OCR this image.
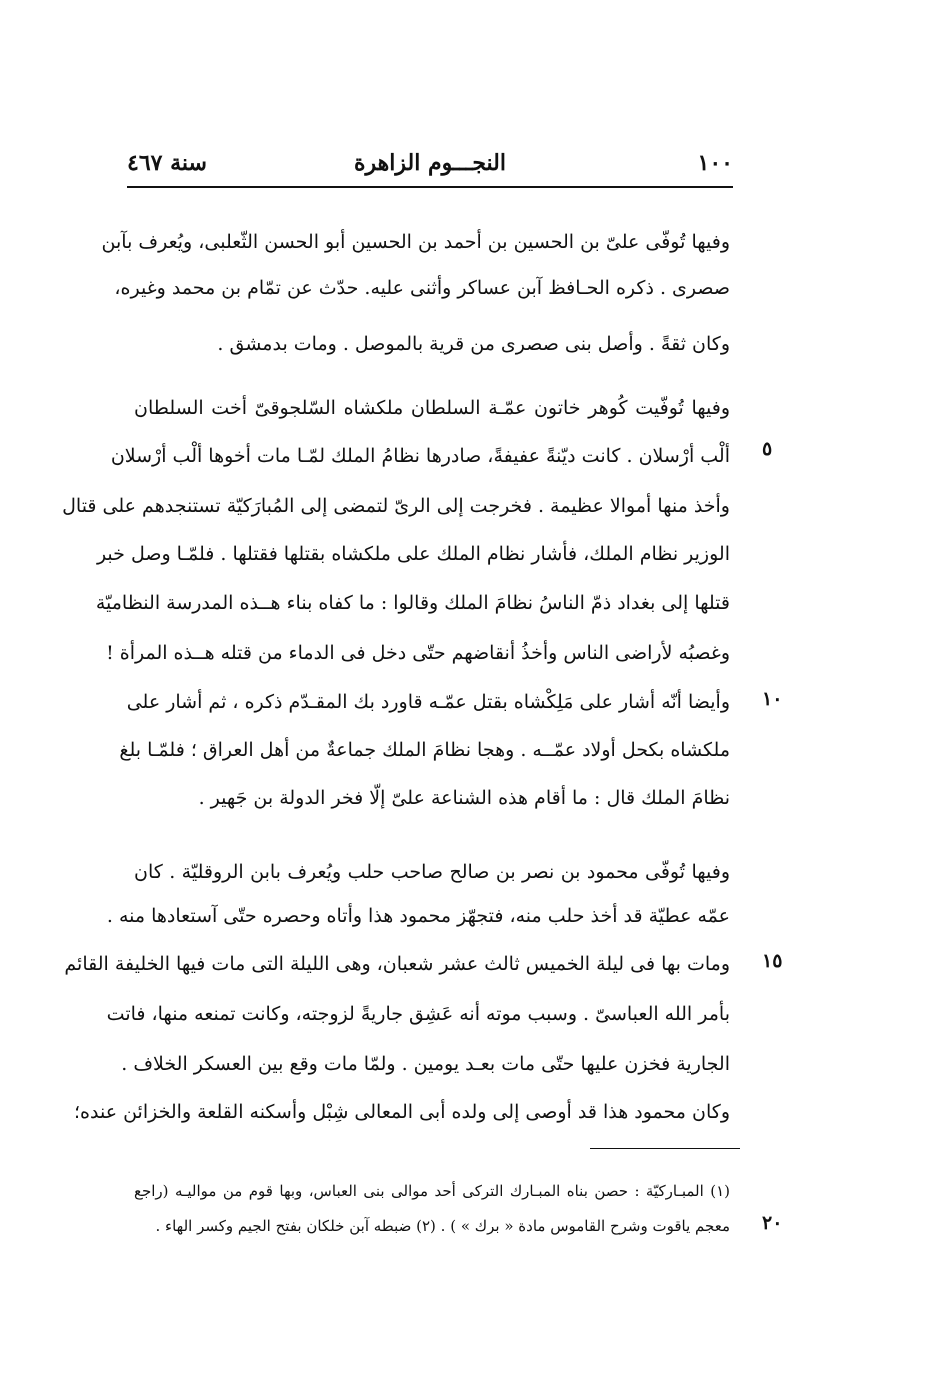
١٠٠
النجـــوم الزاهرة
سنة ٤٦٧
وفيها تُوفّى علىّ بن الحسين بن أحمد بن الحسين أبو الحسن الثّعلبى، ويُعرف بآبن
صصرى . ذكره الحـافظ آبن عساكر وأثنى عليه. حدّث عن تمّام بن محمد وغيره،
وكان ثقةً . وأصل بنى صصرى من قرية بالموصل . ومات بدمشق .
وفيها تُوفّيت كُوهر خاتون عمّـة السلطان ملكشاه السّلجوقىّ أخت السلطان
ألْب أرْسلان . كانت ديّنةً عفيفةً، صادرها نظامُ الملك لمّـا مات أخوها ألْب أرْسلان
وأخذ منها أموالا عظيمة . فخرجت إلى الرىّ لتمضى إلى المُبارَكيّة تستنجدهم على قتال
الوزير نظام الملك، فأشار نظام الملك على ملكشاه بقتلها فقتلها . فلمّـا وصل خبر
قتلها إلى بغداد ذمّ الناسُ نظامَ الملك وقالوا : ما كفاه بناء هــذه المدرسة النظاميّة
وغصبُه لأراضى الناس وأخذُ أنقاضهم حتّى دخل فى الدماء من قتله هــذه المرأة !
وأيضا أنّه أشار على مَلِكْشاه بقتل عمّـه قاورد بك المقـدّم ذكره ، ثم أشار على
ملكشاه بكحل أولاد عمّــه . وهجا نظامَ الملك جماعةٌ من أهل العراق ؛ فلمّـا بلغ
نظامَ الملك قال : ما أقام هذه الشناعة علىّ إلّا فخر الدولة بن جَهير .
وفيها تُوفّى محمود بن نصر بن صالح صاحب حلب ويُعرف بابن الروقليّة . كان
عمّه عطيّة قد أخذ حلب منه، فتجهّز محمود هذا وأتاه وحصره حتّى آستعادها منه .
ومات بها فى ليلة الخميس ثالث عشر شعبان، وهى الليلة التى مات فيها الخليفة القائم
بأمر الله العباسىّ . وسبب موته أنه عَشِق جاريةً لزوجته، وكانت تمنعه منها، فاتت
الجارية فخزن عليها حتّى مات بعـد يومين . ولمّا مات وقع بين العسكر الخلاف .
وكان محمود هذا قد أوصى إلى ولده أبى المعالى شِبْل وأسكنه القلعة والخزائن عنده؛
٥
١٠
١٥
٢٠
(١) المبـاركيّة : حصن بناه المبـارك التركى أحد موالى بنى العباس، وبها قوم من مواليـه (راجع
معجم ياقوت وشرح القاموس مادة « برك » ) . (٢) ضبطه آبن خلكان بفتح الجيم وكسر الهاء .
